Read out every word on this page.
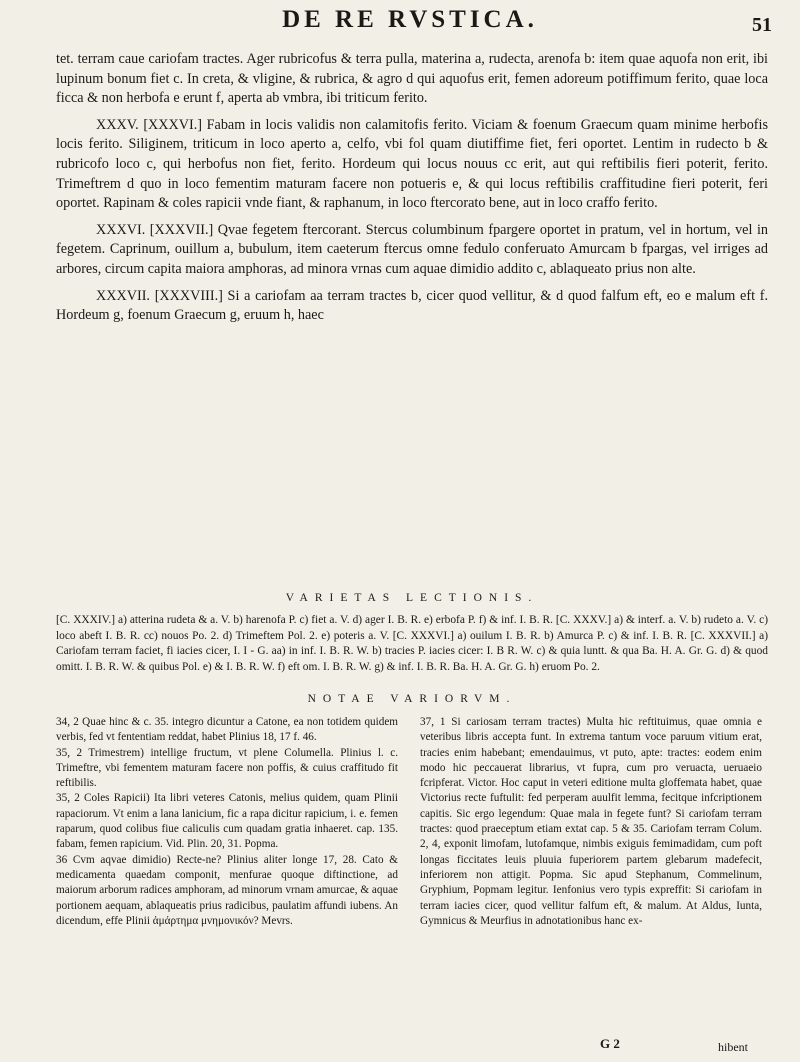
DE RE RVSTICA.	51

tet. terram caue cariofam tractes. Ager rubricofus & terra pulla, materina a, rudecta, arenofa b: item quae aquofa non erit, ibi lupinum bonum fiet c. In creta, & vligine, & rubrica, & agro d qui aquofus erit, femen adoreum potiffimum ferito, quae loca ficca & non herbofa e erunt f, aperta ab vmbra, ibi triticum ferito.

XXXV. [XXXVI.] Fabam in locis validis non calamitofis ferito. Viciam & foenum Graecum quam minime herbofis locis ferito. Siliginem, triticum in loco aperto a, celfo, vbi fol quam diutiffime fiet, feri oportet. Lentim in rudecto b & rubricofo loco c, qui herbofus non fiet, ferito. Hordeum qui locus nouus cc erit, aut qui reftibilis fieri poterit, ferito. Trimeftrem d quo in loco fementim maturam facere non potueris e, & qui locus reftibilis craffitudine fieri poterit, feri oportet. Rapinam & coles rapicii vnde fiant, & raphanum, in loco ftercorato bene, aut in loco craffo ferito.

XXXVI. [XXXVII.] Qvae fegetem ftercorant. Stercus columbinum fpargere oportet in pratum, vel in hortum, vel in fegetem. Caprinum, ouillum a, bubulum, item caeterum ftercus omne fedulo conferuato Amurcam b fpargas, vel irriges ad arbores, circum capita maiora amphoras, ad minora vrnas cum aquae dimidio addito c, ablaqueato prius non alte.

XXXVII. [XXXVIII.] Si a cariofam aa terram tractes b, cicer quod vellitur, & d quod falfum eft, eo e malum eft f. Hordeum g, foenum Graecum g, eruum h, haec

VARIETAS LECTIONIS.

[C. XXXIV.] a) atterina rudeta & a. V. b) harenofa P. c) fiet a. V. d) ager I. B. R. e) erbofa P. f) & inf. I. B. R. [C. XXXV.] a) & interf. a. V. b) rudeto a. V. c) loco abeft I. B. R. cc) nouos Po. 2. d) Trimeftem Pol. 2. e) poteris a. V. [C. XXXVI.] a) ouilum I. B. R. b) Amurca P. c) & inf. I. B. R. [C. XXXVII.] a) Cariofam terram faciet, fi iacies cicer, I. I - G. aa) in inf. I. B. R. W. b) tracies P. iacies cicer: I. B R. W. c) & quia luntt. & qua Ba. H. A. Gr. G. d) & quod omitt. I. B. R. W. & quibus Pol. e) & I. B. R. W. f) eft om. I. B. R. W. g) & inf. I. B. R. Ba. H. A. Gr. G. h) eruom Po. 2.

NOTAE VARIORVM.

34, 2 Quae hinc & c. 35. integro dicuntur a Catone, ea non totidem quidem verbis, fed vt fententiam reddat, habet Plinius 18, 17 f. 46.

35, 2 Trimestrem) intellige fructum, vt plene Columella. Plinius l. c. Trimeftre, vbi fementem maturam facere non poffis, & cuius craffitudo fit reftibilis.

35, 2 Coles Rapicii) Ita libri veteres Catonis, melius quidem, quam Plinii rapaciorum. Vt enim a lana lanicium, fic a rapa dicitur rapicium, i. e. femen raparum, quod colibus fiue caliculis cum quadam gratia inhaeret. cap. 135. fabam, femen rapicium. Vid. Plin. 20, 31. Popma.

36 Cvm aqvae dimidio) Recte-ne? Plinius aliter longe 17, 28. Cato & medicamenta quaedam componit, menfurae quoque diftinctione, ad maiorum arborum radices amphoram, ad minorum vrnam amurcae, & aquae portionem aequam, ablaqueatis prius radicibus, paulatim affundi iubens. An dicendum, effe Plinii ἀμάρτημα μνημονικόν? Mevrs.

37, 1 Si cariosam terram tractes) Multa hic reftituimus, quae omnia e veteribus libris accepta funt. In extrema tantum voce paruum vitium erat, tracies enim habebant; emendauimus, vt puto, apte: tractes: eodem enim modo hic peccauerat librarius, vt fupra, cum pro veruacta, ueruaeio fcripferat. Victor. Hoc caput in veteri editione multa gloffemata habet, quae Victorius recte fuftulit: fed perperam auulfit lemma, fecitque infcriptionem capitis. Sic ergo legendum: Quae mala in fegete funt? Si cariofam terram tractes: quod praeceptum etiam extat cap. 5 & 35. Cariofam terram Colum. 2, 4, exponit limofam, lutofamque, nimbis exiguis femimadidam, cum poft longas ficcitates leuis pluuia fuperiorem partem glebarum madefecit, inferiorem non attigit. Popma. Sic apud Stephanum, Commelinum, Gryphium, Popmam legitur. Ienfonius vero typis expreffit: Si cariofam in terram iacies cicer, quod vellitur falfum eft, & malum. At Aldus, Iunta, Gymnicus & Meurfius in adnotationibus hanc ex-

G 2	hibent
